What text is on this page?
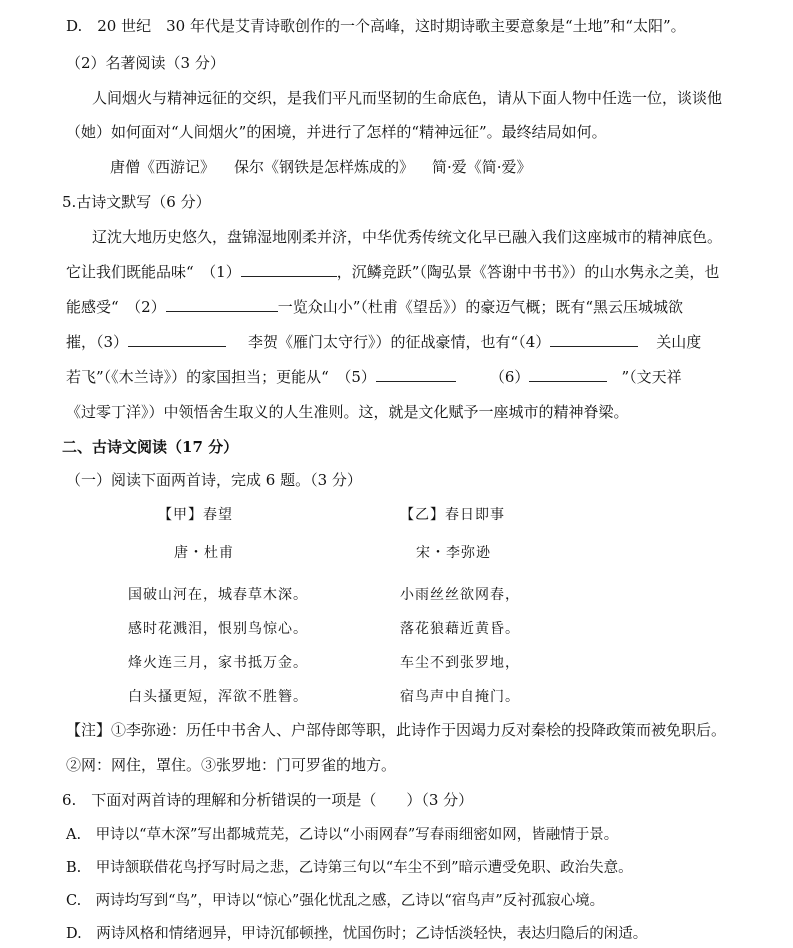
D.　20 世纪　30 年代是艾青诗歌创作的一个高峰，这时期诗歌主要意象是“土地”和“太阳”。
（2）名著阅读（3 分）
人间烟火与精神远征的交织，是我们平凡而坚韧的生命底色，请从下面人物中任选一位，谈谈他
（她）如何面对“人间烟火”的困境，并进行了怎样的“精神远征”。最终结局如何。
唐僧《西游记》 保尔《钢铁是怎样炼成的》 简·爱《简·爱》
5.古诗文默写（6 分）
辽沈大地历史悠久，盘锦湿地刚柔并济，中华优秀传统文化早已融入我们这座城市的精神底色。
它让我们既能品味“　（1）	，沉鳞竞跃”（陶弘景《答谢中书书》）的山水隽永之美，也
能感受“　（2）	一览众山小”（杜甫《望岳》）的豪迈气概；既有“黑云压城城欲
摧，（3）	李贺《雁门太守行》）的征战豪情，也有“（4）	关山度
若飞”（《木兰诗》）的家国担当；更能从“　（5）	（6）	”（文天祥
《过零丁洋》）中领悟舍生取义的人生准则。这，就是文化赋予一座城市的精神脊梁。
二、古诗文阅读（17 分）
（一）阅读下面两首诗，完成 6 题。（3 分）
【甲】春望
唐・杜甫
国破山河在，城春草木深。
感时花溅泪，恨别鸟惊心。
烽火连三月，家书抵万金。
白头搔更短，浑欲不胜簪。
【乙】春日即事
宋・李弥逊
小雨丝丝欲网春，
落花狼藉近黄昏。
车尘不到张罗地，
宿鸟声中自掩门。
【注】①李弥逊：历任中书舍人、户部侍郎等职，此诗作于因竭力反对秦桧的投降政策而被免职后。
②网：网住，罩住。③张罗地：门可罗雀的地方。
6.　下面对两首诗的理解和分析错误的一项是（　　）（3 分）
A.　甲诗以“草木深”写出都城荒芜，乙诗以“小雨网春”写春雨细密如网，皆融情于景。
B.　甲诗颔联借花鸟抒写时局之悲，乙诗第三句以“车尘不到”暗示遭受免职、政治失意。
C.　两诗均写到“鸟”，甲诗以“惊心”强化忧乱之感，乙诗以“宿鸟声”反衬孤寂心境。
D.　两诗风格和情绪迥异，甲诗沉郁顿挫，忧国伤时；乙诗恬淡轻快，表达归隐后的闲适。
